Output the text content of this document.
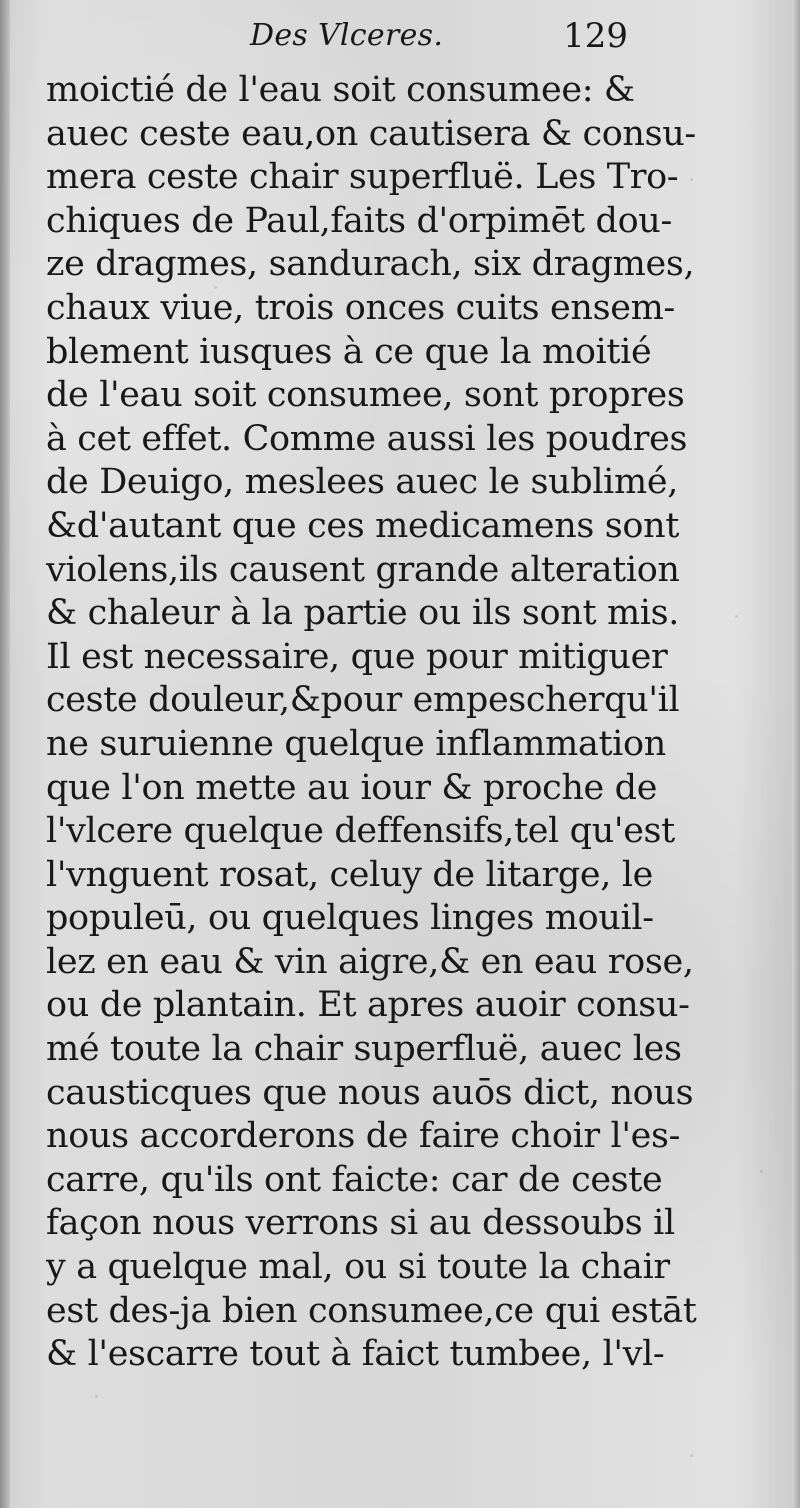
Des Vlceres.	129
moictié de l'eau soit consumee: &
auec ceste eau,on cautisera & consu-
mera ceste chair superfluë. Les Tro-
chiques de Paul,faits d'orpimēt dou-
ze dragmes, sandurach, six dragmes,
chaux viue, trois onces cuits ensem-
blement iusques à ce que la moitié
de l'eau soit consumee, sont propres
à cet effet. Comme aussi les poudres
de Deuigo, meslees auec le sublimé,
&d'autant que ces medicamens sont
violens,ils causent grande alteration
& chaleur à la partie ou ils sont mis.
Il est necessaire, que pour mitiguer
ceste douleur,&pour empescherqu'il
ne suruienne quelque inflammation
que l'on mette au iour & proche de
l'vlcere quelque deffensifs,tel qu'est
l'vnguent rosat, celuy de litarge, le
populeū, ou quelques linges mouil-
lez en eau & vin aigre,& en eau rose,
ou de plantain. Et apres auoir consu-
mé toute la chair superfluë, auec les
causticques que nous auōs dict, nous
nous accorderons de faire choir l'es-
carre, qu'ils ont faicte: car de ceste
façon nous verrons si au dessoubs il
y a quelque mal, ou si toute la chair
est des-ja bien consumee,ce qui estāt
& l'escarre tout à faict tumbee, l'vl-
